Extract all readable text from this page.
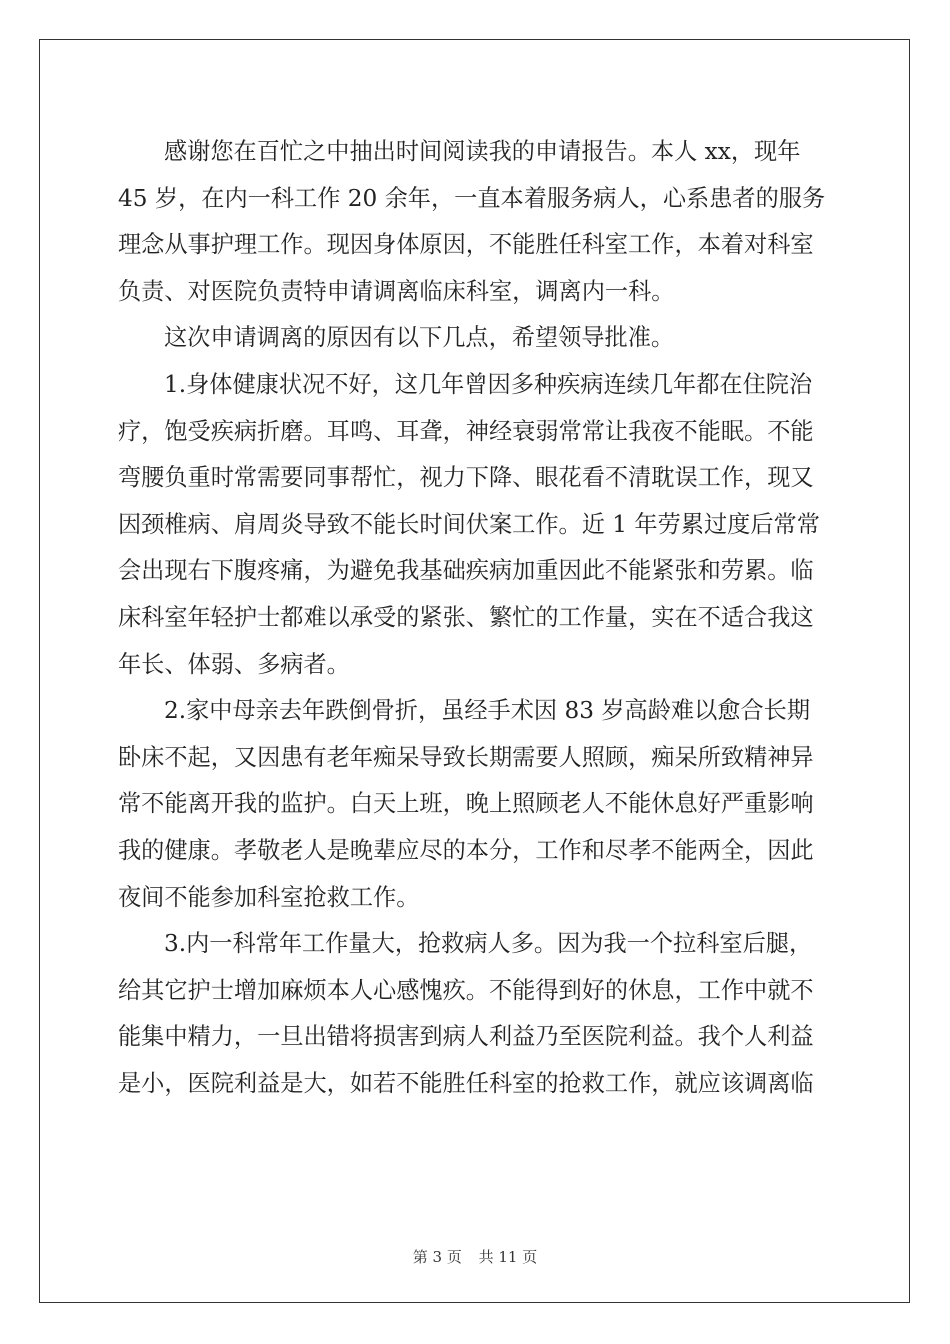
感谢您在百忙之中抽出时间阅读我的申请报告。本人 xx，现年
45 岁，在内一科工作 20 余年，一直本着服务病人，心系患者的服务
理念从事护理工作。现因身体原因，不能胜任科室工作，本着对科室
负责、对医院负责特申请调离临床科室，调离内一科。
这次申请调离的原因有以下几点，希望领导批准。
1.身体健康状况不好，这几年曾因多种疾病连续几年都在住院治
疗，饱受疾病折磨。耳鸣、耳聋，神经衰弱常常让我夜不能眠。不能
弯腰负重时常需要同事帮忙，视力下降、眼花看不清耽误工作，现又
因颈椎病、肩周炎导致不能长时间伏案工作。近 1 年劳累过度后常常
会出现右下腹疼痛，为避免我基础疾病加重因此不能紧张和劳累。临
床科室年轻护士都难以承受的紧张、繁忙的工作量，实在不适合我这
年长、体弱、多病者。
2.家中母亲去年跌倒骨折，虽经手术因 83 岁高龄难以愈合长期
卧床不起，又因患有老年痴呆导致长期需要人照顾，痴呆所致精神异
常不能离开我的监护。白天上班，晚上照顾老人不能休息好严重影响
我的健康。孝敬老人是晚辈应尽的本分，工作和尽孝不能两全，因此
夜间不能参加科室抢救工作。
3.内一科常年工作量大，抢救病人多。因为我一个拉科室后腿，
给其它护士增加麻烦本人心感愧疚。不能得到好的休息，工作中就不
能集中精力，一旦出错将损害到病人利益乃至医院利益。我个人利益
是小，医院利益是大，如若不能胜任科室的抢救工作，就应该调离临
第 3 页 共 11 页
